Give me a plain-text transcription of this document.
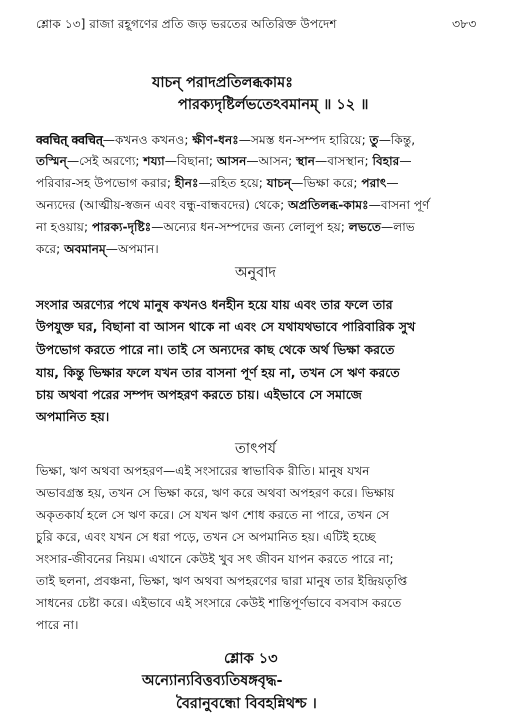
শ্লোক ১৩] রাজা রহূগণের প্রতি জড় ভরতের অতিরিক্ত উপদেশ	৩৮৩
যাচন্‌ পরাদপ্রতিলব্ধকামঃ
পারক্যদৃষ্টির্লভতেঽবমানম্‌ ॥ ১২ ॥
क्वचित् क्वचित्—কখনও কখনও; ক্ষীণ-ধনঃ—সমস্ত ধন-সম্পদ হারিয়ে; তু—কিন্তু,
তস্মিন্‌—সেই অরণ্যে; শয্যা—বিছানা; আসন—আসন; স্থান—বাসস্থান; বিহার—
পরিবার-সহ উপভোগ করার; হীনঃ—রহিত হয়ে; যাচন্‌—ভিক্ষা করে; পরাৎ—
অন্যদের (আত্মীয়-স্বজন এবং বন্ধু-বান্ধবদের) থেকে; অপ্রতিলব্ধ-কামঃ—বাসনা পূর্ণ
না হওয়ায়; পারক্য-দৃষ্টিঃ—অন্যের ধন-সম্পদের জন্য লোলুপ হয়; লভতে—লাভ
করে; অবমানম্‌—অপমান।
অনুবাদ
সংসার অরণ্যের পথে মানুষ কখনও ধনহীন হয়ে যায় এবং তার ফলে তার
উপযুক্ত ঘর, বিছানা বা আসন থাকে না এবং সে যথাযথভাবে পারিবারিক সুখ
উপভোগ করতে পারে না। তাই সে অন্যদের কাছ থেকে অর্থ ভিক্ষা করতে
যায়, কিন্তু ভিক্ষার ফলে যখন তার বাসনা পূর্ণ হয় না, তখন সে ঋণ করতে
চায় অথবা পরের সম্পদ অপহরণ করতে চায়। এইভাবে সে সমাজে
অপমানিত হয়।
তাৎপর্য
ভিক্ষা, ঋণ অথবা অপহরণ—এই সংসারের স্বাভাবিক রীতি। মানুষ যখন
অভাবগ্রস্ত হয়, তখন সে ভিক্ষা করে, ঋণ করে অথবা অপহরণ করে। ভিক্ষায়
অকৃতকার্য হলে সে ঋণ করে। সে যখন ঋণ শোধ করতে না পারে, তখন সে
চুরি করে, এবং যখন সে ধরা পড়ে, তখন সে অপমানিত হয়। এটিই হচ্ছে
সংসার-জীবনের নিয়ম। এখানে কেউই খুব সৎ জীবন যাপন করতে পারে না;
তাই ছলনা, প্রবঞ্চনা, ভিক্ষা, ঋণ অথবা অপহরণের দ্বারা মানুষ তার ইন্দ্রিয়তৃপ্তি
সাধনের চেষ্টা করে। এইভাবে এই সংসারে কেউই শান্তিপূর্ণভাবে বসবাস করতে
পারে না।
শ্লোক ১৩
অন্যোন্যবিত্তব্যতিষঙ্গবৃদ্ধ-
বৈরানুবন্ধো বিবহন্নিথশ্চ ।
